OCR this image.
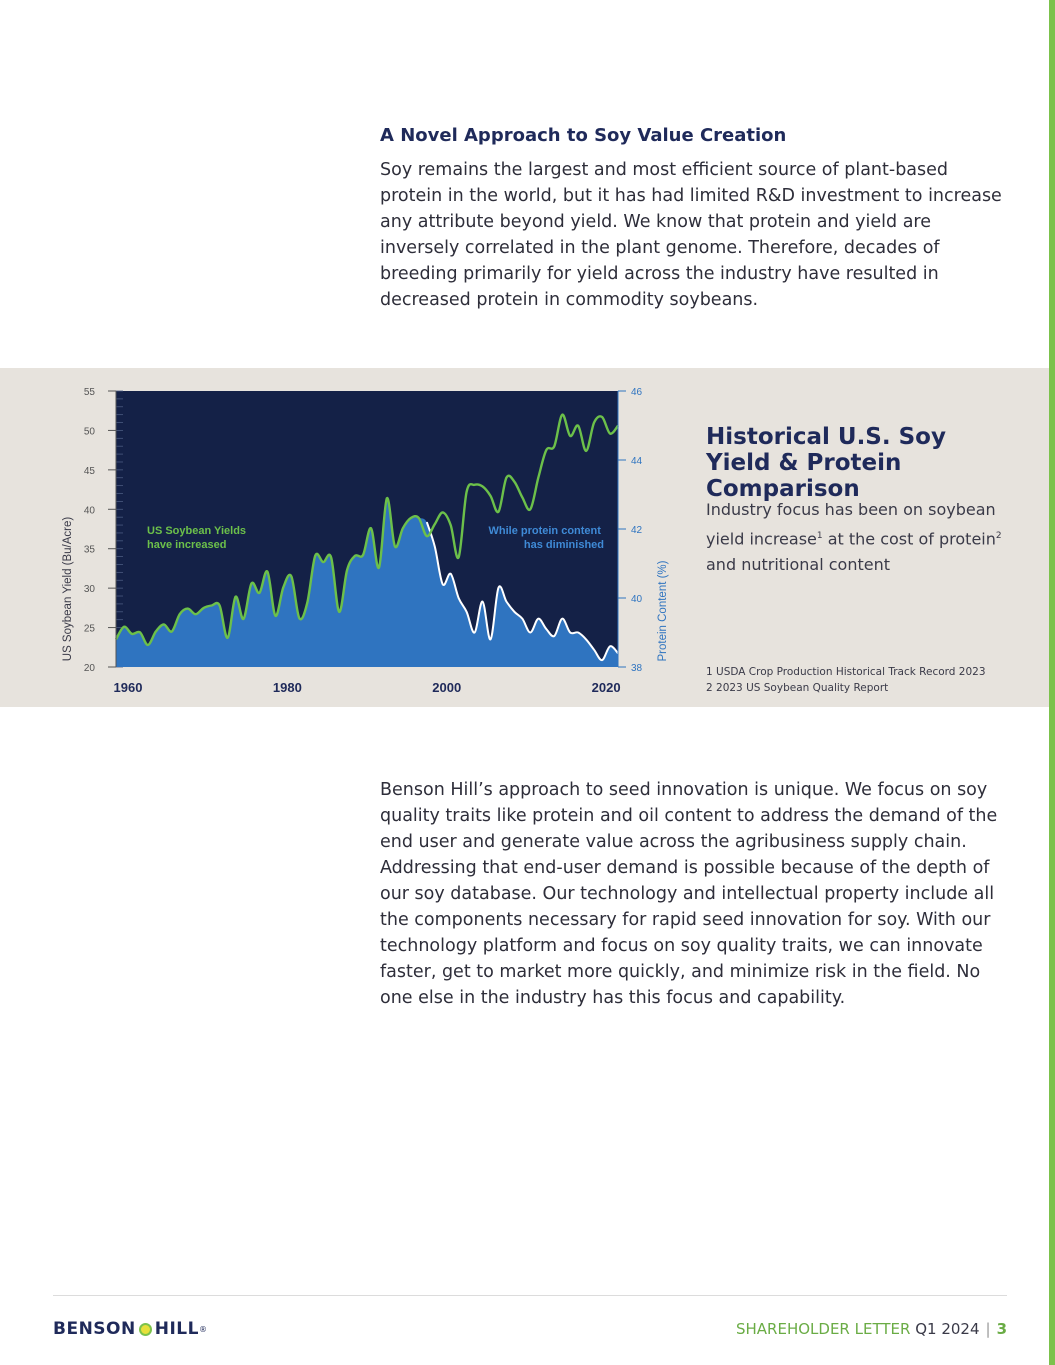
A Novel Approach to Soy Value Creation

Soy remains the largest and most efficient source of plant-based protein in the world, but it has had limited R&D investment to increase any attribute beyond yield. We know that protein and yield are inversely correlated in the plant genome. Therefore, decades of breeding primarily for yield across the industry have resulted in decreased protein in commodity soybeans.

20
25
30
35
40
45
50
55
38
40
42
44
46
1960	1980	2000	2020
US Soybean Yields have increased
While protein content has diminished
US Soybean Yield (Bu/Acre)	Protein Content (%)
Historical U.S. Soy Yield & Protein Comparison

Industry focus has been on soybean yield increase$^1$ at the cost of protein$^2$ and nutritional content

1 USDA Crop Production Historical Track Record 2023
2 2023 US Soybean Quality Report

Benson Hill’s approach to seed innovation is unique. We focus on soy quality traits like protein and oil content to address the demand of the end user and generate value across the agribusiness supply chain. Addressing that end-user demand is possible because of the depth of our soy database. Our technology and intellectual property include all the components necessary for rapid seed innovation for soy. With our technology platform and focus on soy quality traits, we can innovate faster, get to market more quickly, and minimize risk in the field. No one else in the industry has this focus and capability.

BENSON HILL ®	SHAREHOLDER LETTER Q1 2024 | 3
